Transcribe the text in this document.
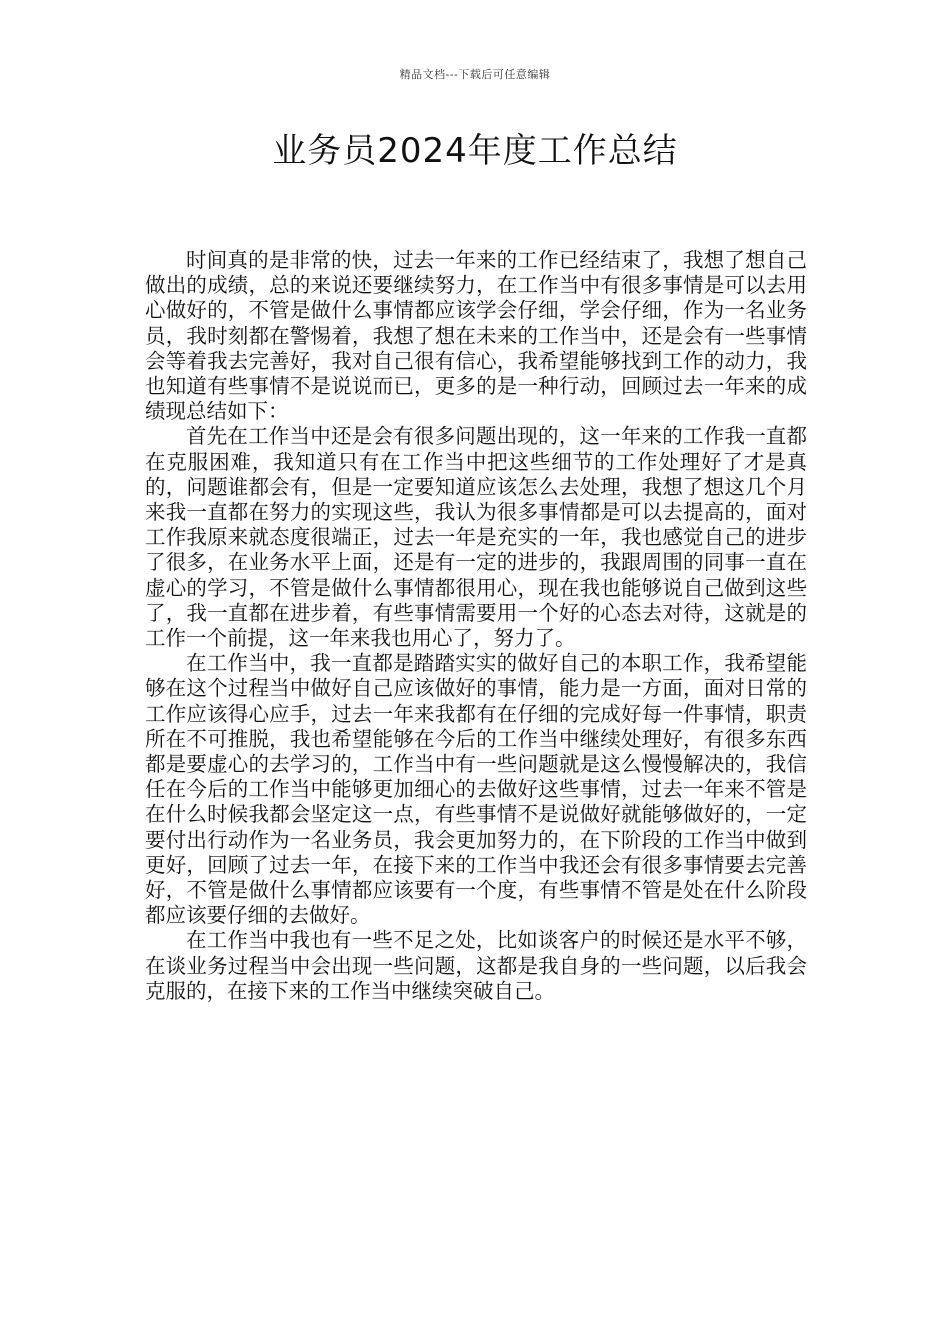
精品文档---下载后可任意编辑
业务员2024年度工作总结

时间真的是非常的快，过去一年来的工作已经结束了，我想了想自己做出的成绩，总的来说还要继续努力，在工作当中有很多事情是可以去用心做好的，不管是做什么事情都应该学会仔细，学会仔细，作为一名业务员，我时刻都在警惕着，我想了想在未来的工作当中，还是会有一些事情会等着我去完善好，我对自己很有信心，我希望能够找到工作的动力，我也知道有些事情不是说说而已，更多的是一种行动，回顾过去一年来的成绩现总结如下：

首先在工作当中还是会有很多问题出现的，这一年来的工作我一直都在克服困难，我知道只有在工作当中把这些细节的工作处理好了才是真的，问题谁都会有，但是一定要知道应该怎么去处理，我想了想这几个月来我一直都在努力的实现这些，我认为很多事情都是可以去提高的，面对工作我原来就态度很端正，过去一年是充实的一年，我也感觉自己的进步了很多，在业务水平上面，还是有一定的进步的，我跟周围的同事一直在虚心的学习，不管是做什么事情都很用心，现在我也能够说自己做到这些了，我一直都在进步着，有些事情需要用一个好的心态去对待，这就是的工作一个前提，这一年来我也用心了，努力了。

在工作当中，我一直都是踏踏实实的做好自己的本职工作，我希望能够在这个过程当中做好自己应该做好的事情，能力是一方面，面对日常的工作应该得心应手，过去一年来我都有在仔细的完成好每一件事情，职责所在不可推脱，我也希望能够在今后的工作当中继续处理好，有很多东西都是要虚心的去学习的，工作当中有一些问题就是这么慢慢解决的，我信任在今后的工作当中能够更加细心的去做好这些事情，过去一年来不管是在什么时候我都会坚定这一点，有些事情不是说做好就能够做好的，一定要付出行动作为一名业务员，我会更加努力的，在下阶段的工作当中做到更好，回顾了过去一年，在接下来的工作当中我还会有很多事情要去完善好，不管是做什么事情都应该要有一个度，有些事情不管是处在什么阶段都应该要仔细的去做好。

在工作当中我也有一些不足之处，比如谈客户的时候还是水平不够，在谈业务过程当中会出现一些问题，这都是我自身的一些问题，以后我会克服的，在接下来的工作当中继续突破自己。
